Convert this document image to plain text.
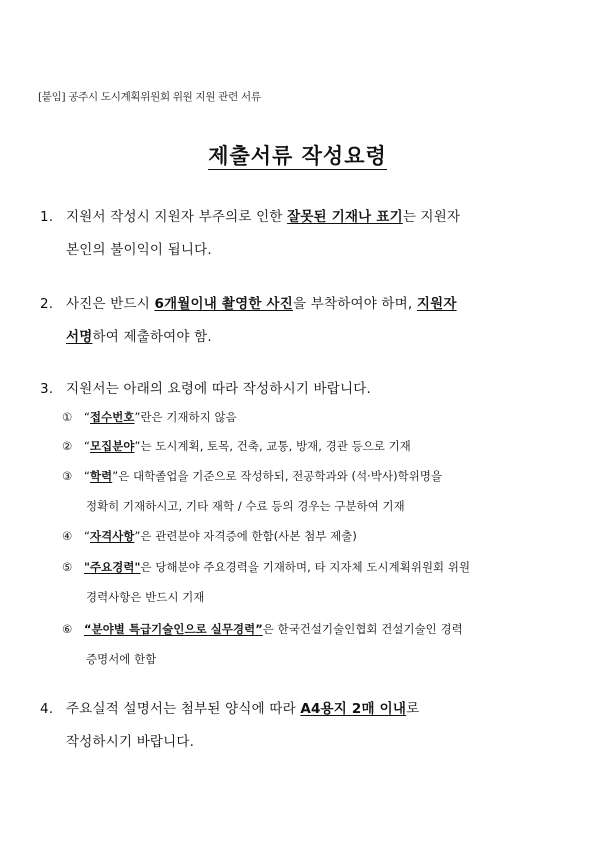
[붙임] 공주시 도시계획위원회 위원 지원 관련 서류
제출서류 작성요령
1. 지원서 작성시 지원자 부주의로 인한 잘못된 기재나 표기는 지원자
본인의 불이익이 됩니다.
2. 사진은 반드시 6개월이내 촬영한 사진을 부착하여야 하며, 지원자
서명하여 제출하여야 함.
3. 지원서는 아래의 요령에 따라 작성하시기 바랍니다.
① “접수번호”란은 기재하지 않음
② “모집분야”는 도시계획, 토목, 건축, 교통, 방재, 경관 등으로 기재
③ “학력”은 대학졸업을 기준으로 작성하되, 전공학과와 (석·박사)학위명을
정확히 기재하시고, 기타 재학 / 수료 등의 경우는 구분하여 기재
④ “자격사항”은 관련분야 자격증에 한함(사본 첨부 제출)
⑤ "주요경력"은 당해분야 주요경력을 기재하며, 타 지자체 도시계획위원회 위원
경력사항은 반드시 기재
⑥ “분야별 특급기술인으로 실무경력”은 한국건설기술인협회 건설기술인 경력
증명서에 한함
4. 주요실적 설명서는 첨부된 양식에 따라 A4용지 2매 이내로
작성하시기 바랍니다.
